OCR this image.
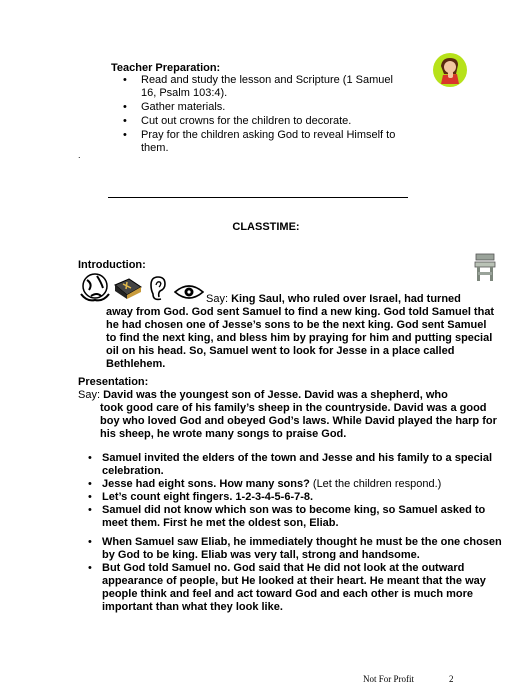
Teacher Preparation:
• Read and study the lesson and Scripture (1 Samuel 16, Psalm 103:4).
• Gather materials.
• Cut out crowns for the children to decorate.
• Pray for the children asking God to reveal Himself to them.
.
CLASSTIME:
Introduction:
Say: King Saul, who ruled over Israel, had turned
away from God. God sent Samuel to find a new king. God told Samuel that he had chosen one of Jesse’s sons to be the next king. God sent Samuel to find the next king, and bless him by praying for him and putting special oil on his head. So, Samuel went to look for Jesse in a place called Bethlehem.
Presentation:
Say: David was the youngest son of Jesse. David was a shepherd, who
took good care of his family’s sheep in the countryside. David was a good boy who loved God and obeyed God’s laws. While David played the harp for his sheep, he wrote many songs to praise God.
• Samuel invited the elders of the town and Jesse and his family to a special celebration.
• Jesse had eight sons. How many sons? (Let the children respond.)
• Let’s count eight fingers. 1-2-3-4-5-6-7-8.
• Samuel did not know which son was to become king, so Samuel asked to meet them. First he met the oldest son, Eliab.
• When Samuel saw Eliab, he immediately thought he must be the one chosen by God to be king. Eliab was very tall, strong and handsome.
• But God told Samuel no. God said that He did not look at the outward appearance of people, but He looked at their heart. He meant that the way people think and feel and act toward God and each other is much more important than what they look like.
Not For Profit	2
